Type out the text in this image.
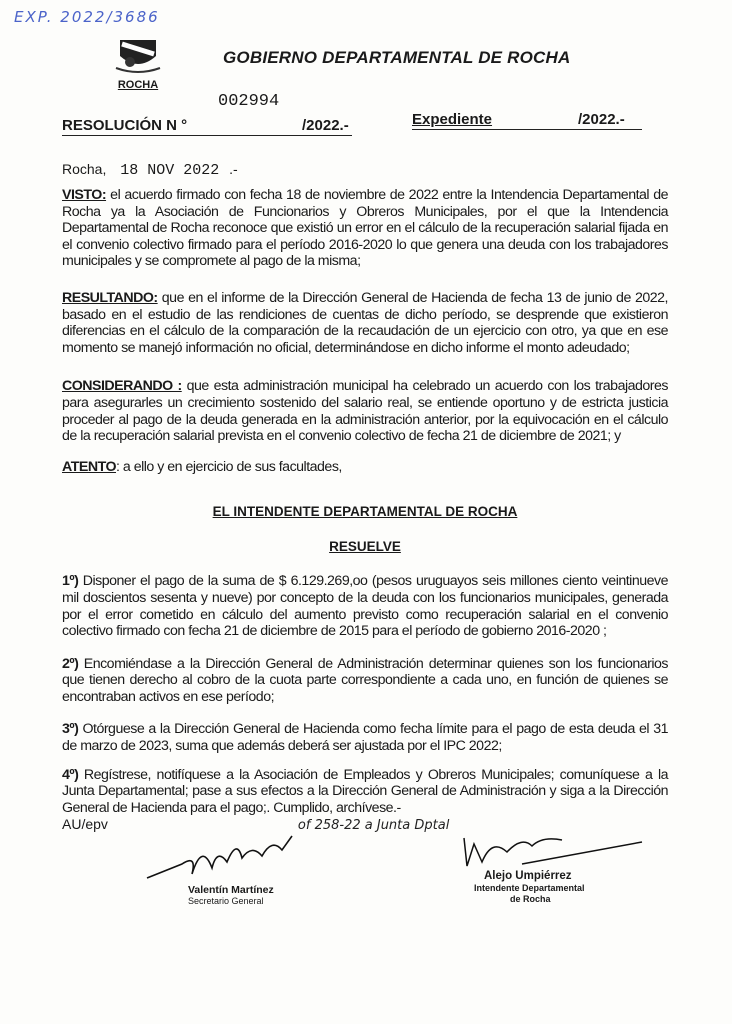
EXP. 2022/3686
ROCHA
GOBIERNO DEPARTAMENTAL DE ROCHA
002994
RESOLUCIÓN N °	/2022.-	Expediente	/2022.-
Rocha, 18 NOV 2022 .-

VISTO: el acuerdo firmado con fecha 18 de noviembre de 2022 entre la Intendencia Departamental de Rocha ya la Asociación de Funcionarios y Obreros Municipales, por el que la Intendencia Departamental de Rocha reconoce que existió un error en el cálculo de la recuperación salarial fijada en el convenio colectivo firmado para el período 2016-2020 lo que genera una deuda con los trabajadores municipales y se compromete al pago de la misma;

RESULTANDO: que en el informe de la Dirección General de Hacienda de fecha 13 de junio de 2022, basado en el estudio de las rendiciones de cuentas de dicho período, se desprende que existieron diferencias en el cálculo de la comparación de la recaudación de un ejercicio con otro, ya que en ese momento se manejó información no oficial, determinándose en dicho informe el monto adeudado;

CONSIDERANDO : que esta administración municipal ha celebrado un acuerdo con los trabajadores para asegurarles un crecimiento sostenido del salario real, se entiende oportuno y de estricta justicia proceder al pago de la deuda generada en la administración anterior, por la equivocación en el cálculo de la recuperación salarial prevista en el convenio colectivo de fecha 21 de diciembre de 2021; y

ATENTO: a ello y en ejercicio de sus facultades,

EL INTENDENTE DEPARTAMENTAL DE ROCHA
RESUELVE

1º) Disponer el pago de la suma de $ 6.129.269,oo (pesos uruguayos seis millones ciento veintinueve mil doscientos sesenta y nueve) por concepto de la deuda con los funcionarios municipales, generada por el error cometido en cálculo del aumento previsto como recuperación salarial en el convenio colectivo firmado con fecha 21 de diciembre de 2015 para el período de gobierno 2016-2020 ;

2º) Encomiéndase a la Dirección General de Administración determinar quienes son los funcionarios que tienen derecho al cobro de la cuota parte correspondiente a cada uno, en función de quienes se encontraban activos en ese período;

3º) Otórguese a la Dirección General de Hacienda como fecha límite para el pago de esta deuda el 31 de marzo de 2023, suma que además deberá ser ajustada por el IPC 2022;

4º) Regístrese, notifíquese a la Asociación de Empleados y Obreros Municipales; comuníquese a la Junta Departamental; pase a sus efectos a la Dirección General de Administración y siga a la Dirección General de Hacienda para el pago;. Cumplido, archívese.-

AU/epv	of 258-22 a Junta Dptal
Valentín Martínez
Secretario General
Alejo Umpiérrez
Intendente Departamental
de Rocha
